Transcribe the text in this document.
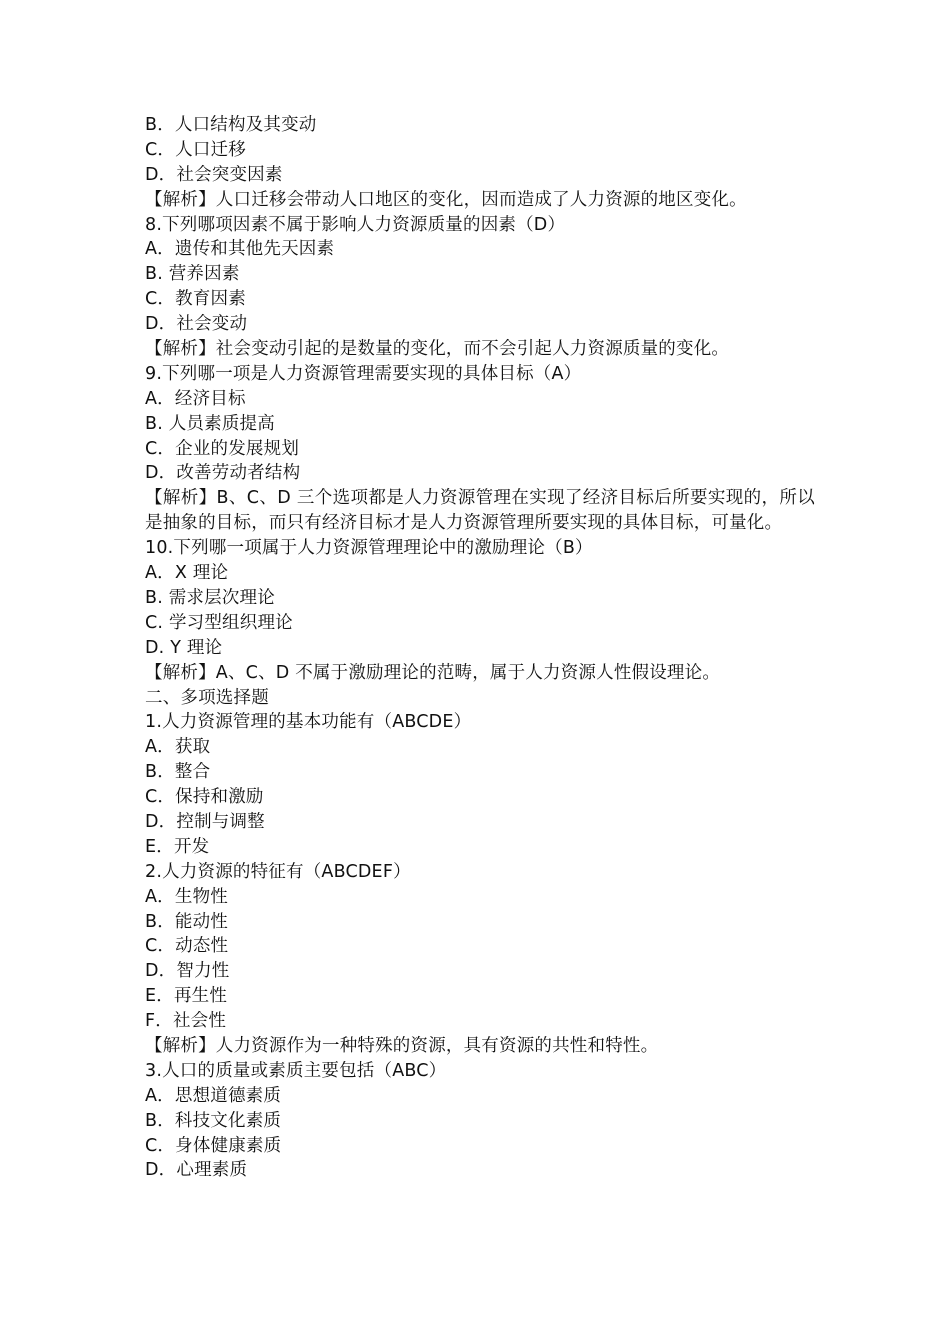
B．人口结构及其变动
C．人口迁移
D．社会突变因素
【解析】人口迁移会带动人口地区的变化，因而造成了人力资源的地区变化。
8.下列哪项因素不属于影响人力资源质量的因素（D）
A．遗传和其他先天因素
B. 营养因素
C．教育因素
D．社会变动
【解析】社会变动引起的是数量的变化，而不会引起人力资源质量的变化。
9.下列哪一项是人力资源管理需要实现的具体目标（A）
A．经济目标
B. 人员素质提高
C．企业的发展规划
D．改善劳动者结构
【解析】B、C、D 三个选项都是人力资源管理在实现了经济目标后所要实现的，所以是抽象的目标，而只有经济目标才是人力资源管理所要实现的具体目标，可量化。
10.下列哪一项属于人力资源管理理论中的激励理论（B）
A．X 理论
B. 需求层次理论
C. 学习型组织理论
D. Y 理论
【解析】A、C、D 不属于激励理论的范畴，属于人力资源人性假设理论。
二、多项选择题
1.人力资源管理的基本功能有（ABCDE）
A．获取
B．整合
C．保持和激励
D．控制与调整
E．开发
2.人力资源的特征有（ABCDEF）
A．生物性
B．能动性
C．动态性
D．智力性
E．再生性
F．社会性
【解析】人力资源作为一种特殊的资源，具有资源的共性和特性。
3.人口的质量或素质主要包括（ABC）
A．思想道德素质
B．科技文化素质
C．身体健康素质
D．心理素质
